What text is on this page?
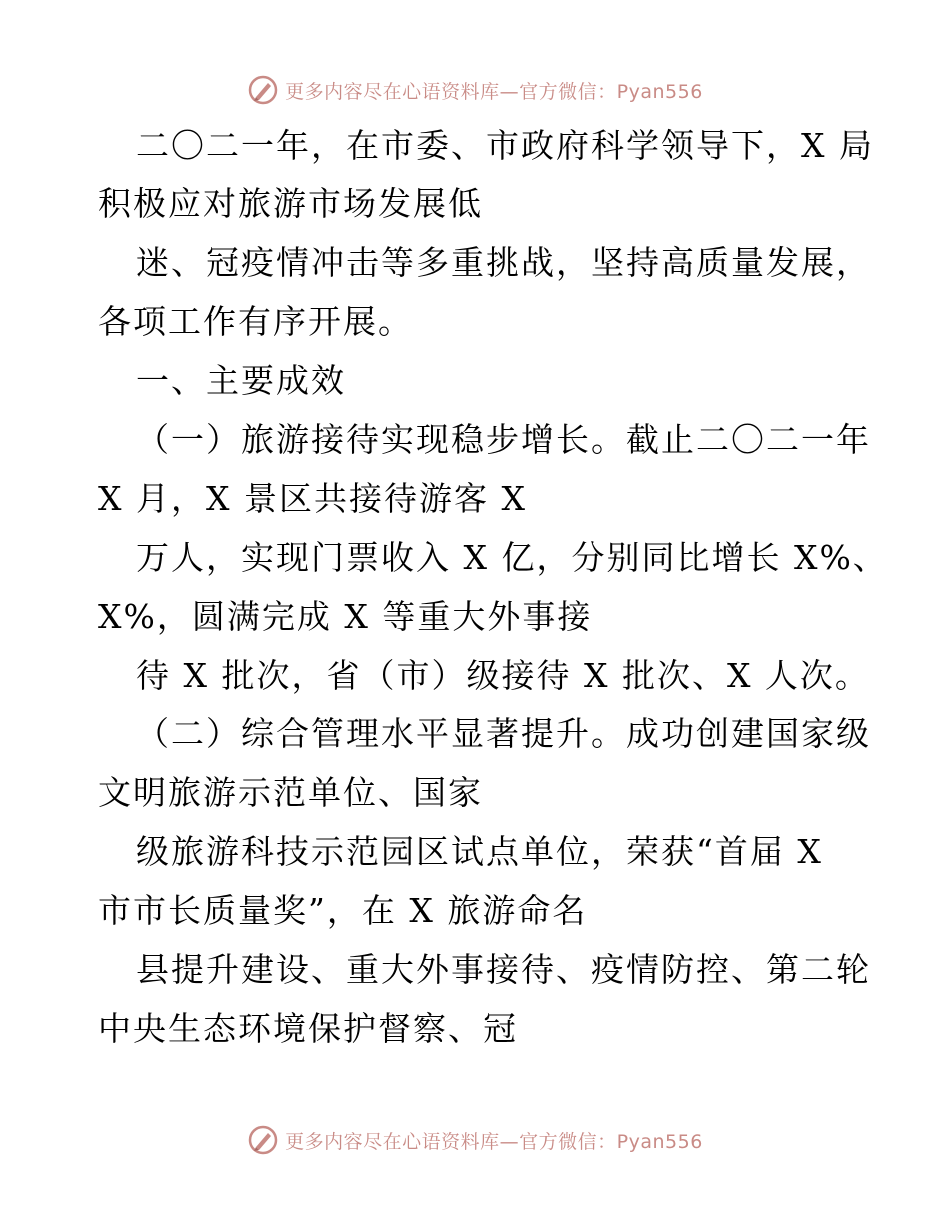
更多内容尽在心语资料库—官方微信：Pyan556
二〇二一年，在市委、市政府科学领导下，X 局
积极应对旅游市场发展低
迷、冠疫情冲击等多重挑战，坚持高质量发展，
各项工作有序开展。
一、主要成效
（一）旅游接待实现稳步增长。截止二〇二一年
X 月，X 景区共接待游客 X
万人，实现门票收入 X 亿，分别同比增长 X%、
X%，圆满完成 X 等重大外事接
待 X 批次，省（市）级接待 X 批次、X 人次。
（二）综合管理水平显著提升。成功创建国家级
文明旅游示范单位、国家
级旅游科技示范园区试点单位，荣获“首届 X
市市长质量奖”，在 X 旅游命名
县提升建设、重大外事接待、疫情防控、第二轮
中央生态环境保护督察、冠
更多内容尽在心语资料库—官方微信：Pyan556
